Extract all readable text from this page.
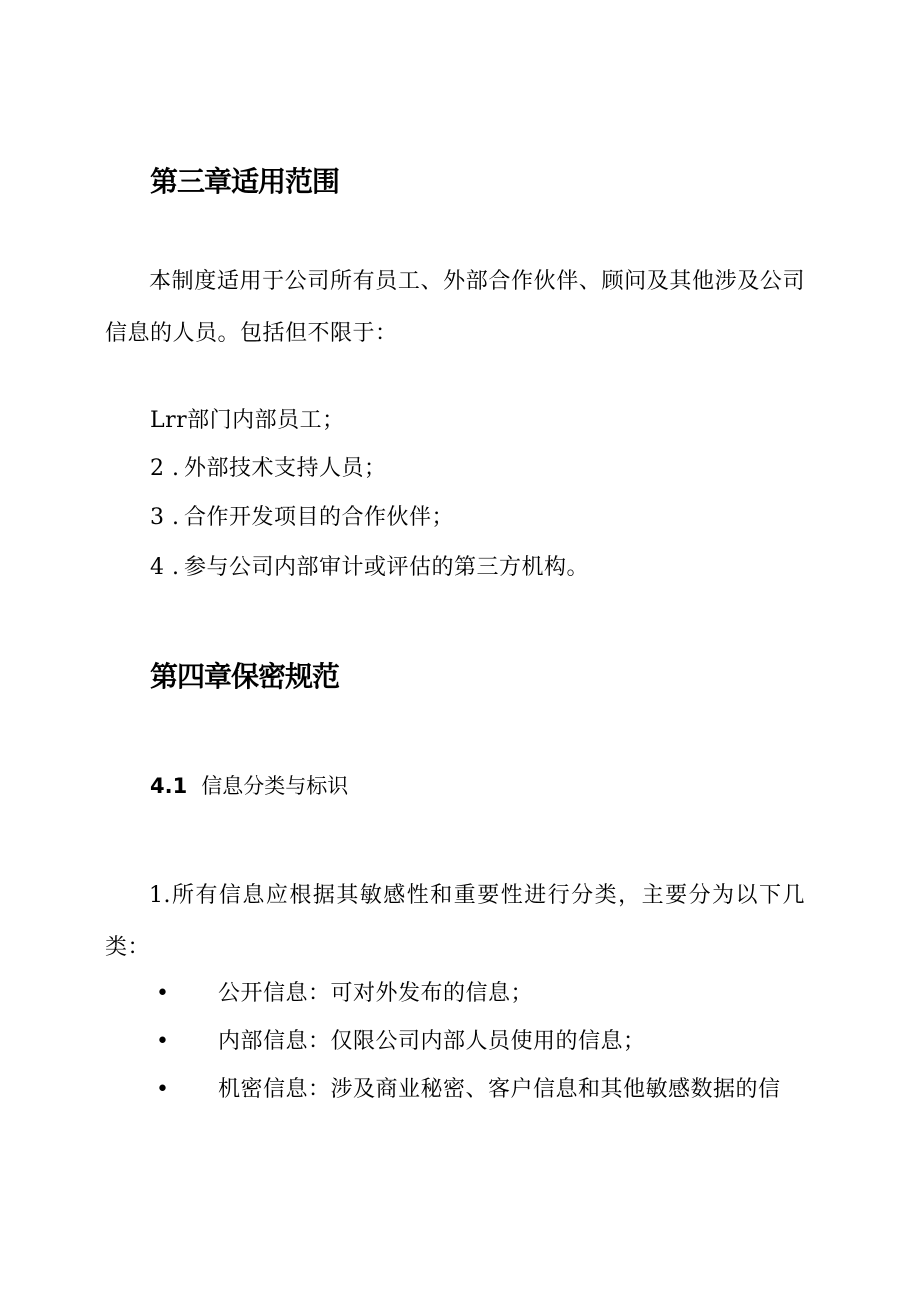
第三章适用范围
本制度适用于公司所有员工、外部合作伙伴、顾问及其他涉及公司信息的人员。包括但不限于：
Lrr部门内部员工；
2 . 外部技术支持人员；
3 . 合作开发项目的合作伙伴；
4 . 参与公司内部审计或评估的第三方机构。
第四章保密规范
4.1 信息分类与标识
1.所有信息应根据其敏感性和重要性进行分类，主要分为以下几类：
• 公开信息：可对外发布的信息；
• 内部信息：仅限公司内部人员使用的信息；
• 机密信息：涉及商业秘密、客户信息和其他敏感数据的信
